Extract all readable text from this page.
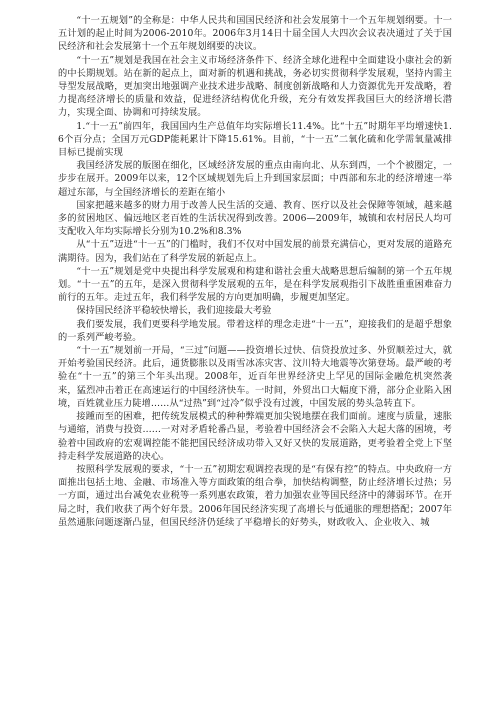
“十一五规划”的全称是：中华人民共和国国民经济和社会发展第十一个五年规划纲要。十一五计划的起止时间为2006-2010年。2006年3月14日十届全国人大四次会议表决通过了关于国民经济和社会发展第十一个五年规划纲要的决议。

“十一五”规划是我国在社会主义市场经济条件下、经济全球化进程中全面建设小康社会的新的中长期规划。站在新的起点上，面对新的机遇和挑战，务必切实贯彻科学发展观，坚持内需主导型发展战略，更加突出地强调产业技术进步战略、制度创新战略和人力资源优先开发战略，着力提高经济增长的质量和效益，促进经济结构优化升级，充分有效发挥我国巨大的经济增长潜力，实现全面、协调和可持续发展。

1.“十一五”前四年，我国国内生产总值年均实际增长11.4%。比“十五”时期年平均增速快1.6个百分点；全国万元GDP能耗累计下降15.61%。目前，“十一五”二氧化硫和化学需氧量减排目标已提前实现

我国经济发展的版图在细化，区域经济发展的重点由南向北、从东到西，一个个被圈定，一步步在展开。2009年以来，12个区域规划先后上升到国家层面；中西部和东北的经济增速一举超过东部，与全国经济增长的差距在缩小

国家把越来越多的财力用于改善人民生活的交通、教育、医疗以及社会保障等领域，越来越多的贫困地区、偏远地区老百姓的生活状况得到改善。2006—2009年，城镇和农村居民人均可支配收入年均实际增长分别为10.2%和8.3%

从“十五”迈进“十一五”的门槛时，我们不仅对中国发展的前景充满信心，更对发展的道路充满期待。因为，我们站在了科学发展的新起点上。

“十一五”规划是党中央提出科学发展观和构建和谐社会重大战略思想后编制的第一个五年规划。“十一五”的五年，是深入贯彻科学发展观的五年，是在科学发展观指引下战胜重重困难奋力前行的五年。走过五年，我们科学发展的方向更加明确，步履更加坚定。

保持国民经济平稳较快增长，我们迎接最大考验

我们要发展，我们更要科学地发展。带着这样的理念走进“十一五”，迎接我们的是超乎想象的一系列严峻考验。

“十一五”规划前一开局，“三过”问题——投资增长过快、信贷投放过多、外贸顺差过大，就开始考验国民经济。此后，通货膨胀以及雨雪冰冻灾害、汶川特大地震等次第登场。最严峻的考验在“十一五”的第三个年头出现。2008年，近百年世界经济史上罕见的国际金融危机突然袭来，猛烈冲击着正在高速运行的中国经济快车。一时间，外贸出口大幅度下滑，部分企业陷入困境，百姓就业压力陡增……从“过热”到“过冷”似乎没有过渡，中国发展的势头急转直下。

接踵而至的困难，把传统发展模式的种种弊端更加尖锐地摆在我们面前。速度与质量，速胀与通缩，消费与投资……一对对矛盾轮番凸显，考验着中国经济会不会陷入大起大落的困境，考验着中国政府的宏观调控能不能把国民经济成功带入又好又快的发展道路，更考验着全党上下坚持走科学发展道路的决心。

按照科学发展观的要求，“十一五”初期宏观调控表现的是“有保有控”的特点。中央政府一方面推出包括土地、金融、市场准入等方面政策的组合拳，加快结构调整，防止经济增长过热；另一方面，通过出台减免农业税等一系列惠农政策，着力加强农业等国民经济中的薄弱环节。在开局之时，我们收获了两个好年景。2006年国民经济实现了高增长与低通胀的理想搭配；2007年虽然通胀问题逐渐凸显，但国民经济仍延续了平稳增长的好势头，财政收入、企业收入、城
